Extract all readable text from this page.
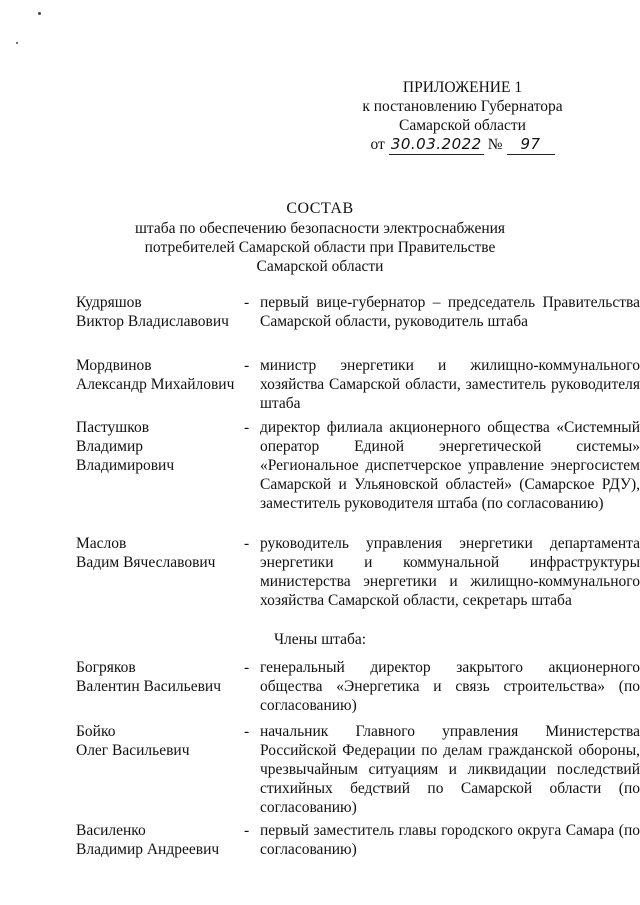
ПРИЛОЖЕНИЕ 1
к постановлению Губернатора
Самарской области
от 30.03.2022 №	97
СОСТАВ
штаба по обеспечению безопасности электроснабжения
потребителей Самарской области при Правительстве
Самарской области
Кудряшов
Виктор Владиславович
- первый вице-губернатор – председатель Правительства Самарской области, руководитель штаба
Мордвинов
Александр Михайлович
- министр энергетики и жилищно-коммунального хозяйства Самарской области, заместитель руководителя штаба
Пастушков
Владимир Владимирович
- директор филиала акционерного общества «Системный оператор Единой энергетической системы» «Региональное диспетчерское управление энергосистем Самарской и Ульяновской областей» (Самарское РДУ), заместитель руководителя штаба (по согласованию)
Маслов
Вадим Вячеславович
- руководитель управления энергетики департамента энергетики и коммунальной инфраструктуры министерства энергетики и жилищно-коммунального хозяйства Самарской области, секретарь штаба
Члены штаба:
Богряков
Валентин Васильевич
- генеральный директор закрытого акционерного общества «Энергетика и связь строительства» (по согласованию)
Бойко
Олег Васильевич
- начальник Главного управления Министерства Российской Федерации по делам гражданской обороны, чрезвычайным ситуациям и ликвидации последствий стихийных бедствий по Самарской области (по согласованию)
Василенко
Владимир Андреевич
- первый заместитель главы городского округа Самара (по согласованию)
